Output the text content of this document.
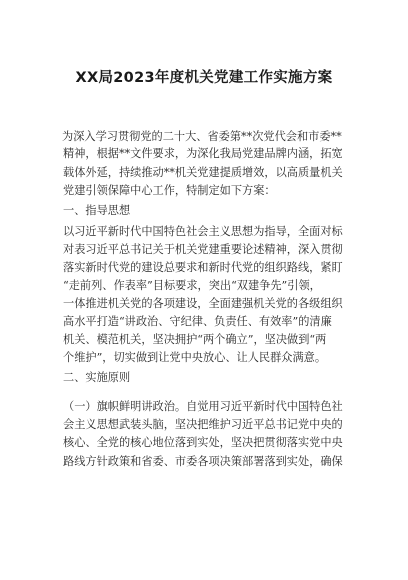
XX局2023年度机关党建工作实施方案
为深入学习贯彻党的二十大、省委第**次党代会和市委**
精神，根据**文件要求，为深化我局党建品牌内涵，拓宽
载体外延，持续推动**机关党建提质增效，以高质量机关
党建引领保障中心工作，特制定如下方案：
一、指导思想
以习近平新时代中国特色社会主义思想为指导，全面对标
对表习近平总书记关于机关党建重要论述精神，深入贯彻
落实新时代党的建设总要求和新时代党的组织路线，紧盯
“走前列、作表率”目标要求，突出“双建争先”引领，
一体推进机关党的各项建设，全面建强机关党的各级组织
高水平打造“讲政治、守纪律、负责任、有效率”的清廉
机关、模范机关，坚决拥护“两个确立”，坚决做到“两
个维护”，切实做到让党中央放心、让人民群众满意。
二、实施原则
（一）旗帜鲜明讲政治。自觉用习近平新时代中国特色社
会主义思想武装头脑，坚决把维护习近平总书记党中央的
核心、全党的核心地位落到实处，坚决把贯彻落实党中央
路线方针政策和省委、市委各项决策部署落到实处，确保
